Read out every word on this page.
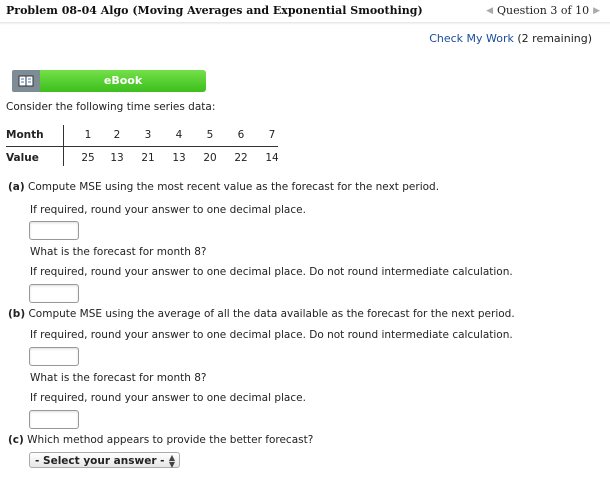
Problem 08-04 Algo (Moving Averages and Exponential Smoothing)	◀ Question 3 of 10 ▶
Check My Work (2 remaining)
eBook
Consider the following time series data:
Month	1	2	3	4	5	6	7
Value	25	13	21	13	20	22	14
(a) Compute MSE using the most recent value as the forecast for the next period.
If required, round your answer to one decimal place.
What is the forecast for month 8?
If required, round your answer to one decimal place. Do not round intermediate calculation.
(b) Compute MSE using the average of all the data available as the forecast for the next period.
If required, round your answer to one decimal place. Do not round intermediate calculation.
What is the forecast for month 8?
If required, round your answer to one decimal place.
(c) Which method appears to provide the better forecast?
- Select your answer - ▲
▼
